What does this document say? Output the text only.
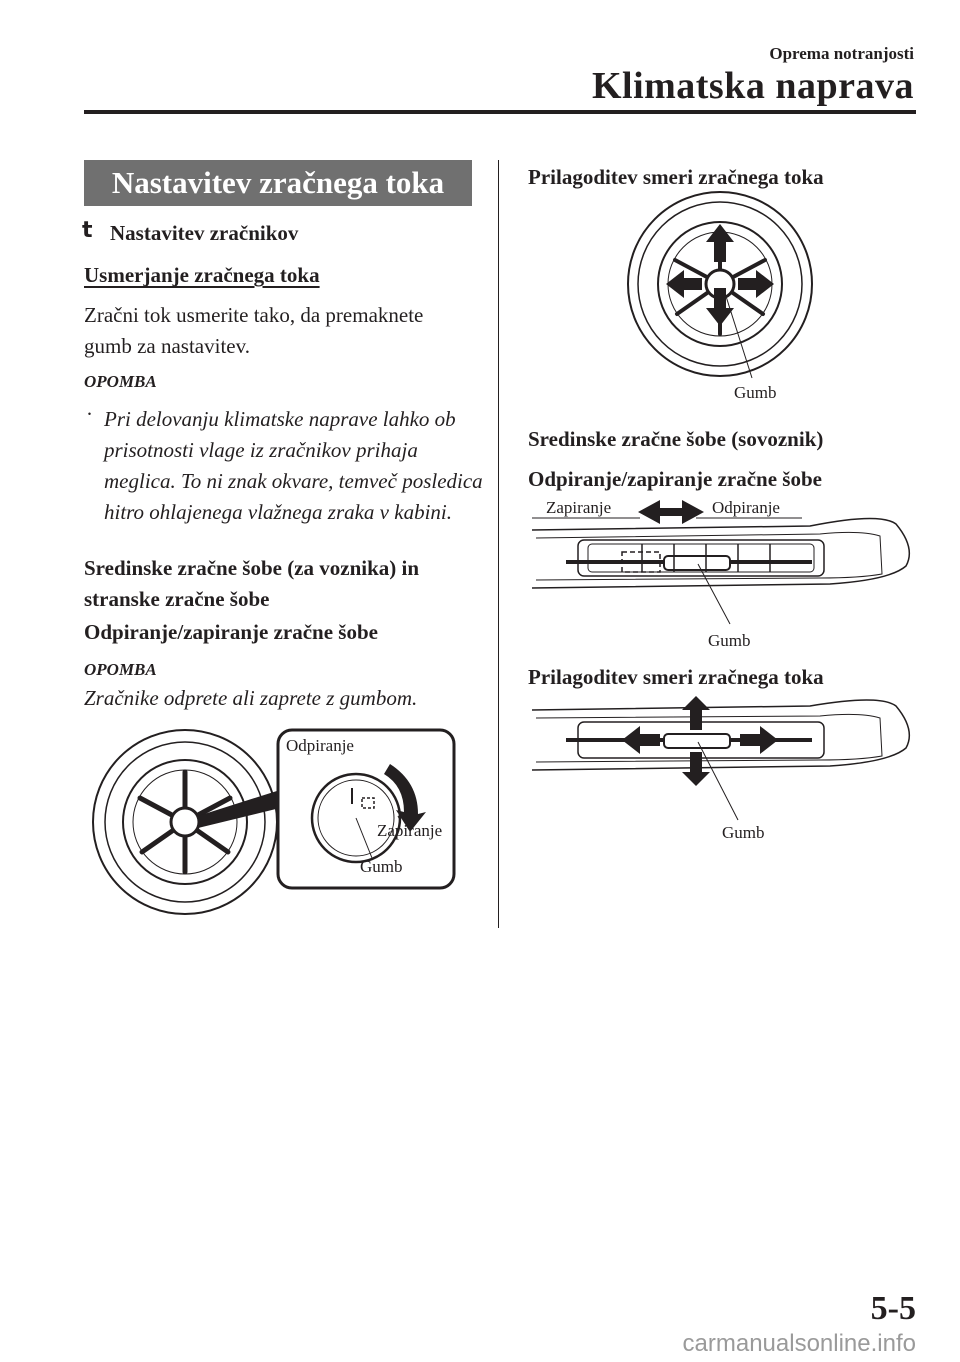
Oprema notranjosti
Klimatska naprava
Nastavitev zračnega toka
t Nastavitev zračnikov
Usmerjanje zračnega toka
Zračni tok usmerite tako, da premaknete gumb za nastavitev.
OPOMBA
· Pri delovanju klimatske naprave lahko ob prisotnosti vlage iz zračnikov prihaja meglica. To ni znak okvare, temveč posledica hitro ohlajenega vlažnega zraka v kabini.
Sredinske zračne šobe (za voznika) in stranske zračne šobe
Odpiranje/zapiranje zračne šobe
OPOMBA
Zračnike odprete ali zaprete z gumbom.
Odpiranje
Zapiranje
Gumb
Prilagoditev smeri zračnega toka
Gumb
Sredinske zračne šobe (sovoznik)
Odpiranje/zapiranje zračne šobe
Zapiranje	Odpiranje
Gumb
Prilagoditev smeri zračnega toka
Gumb
5-5
carmanualsonline.info
